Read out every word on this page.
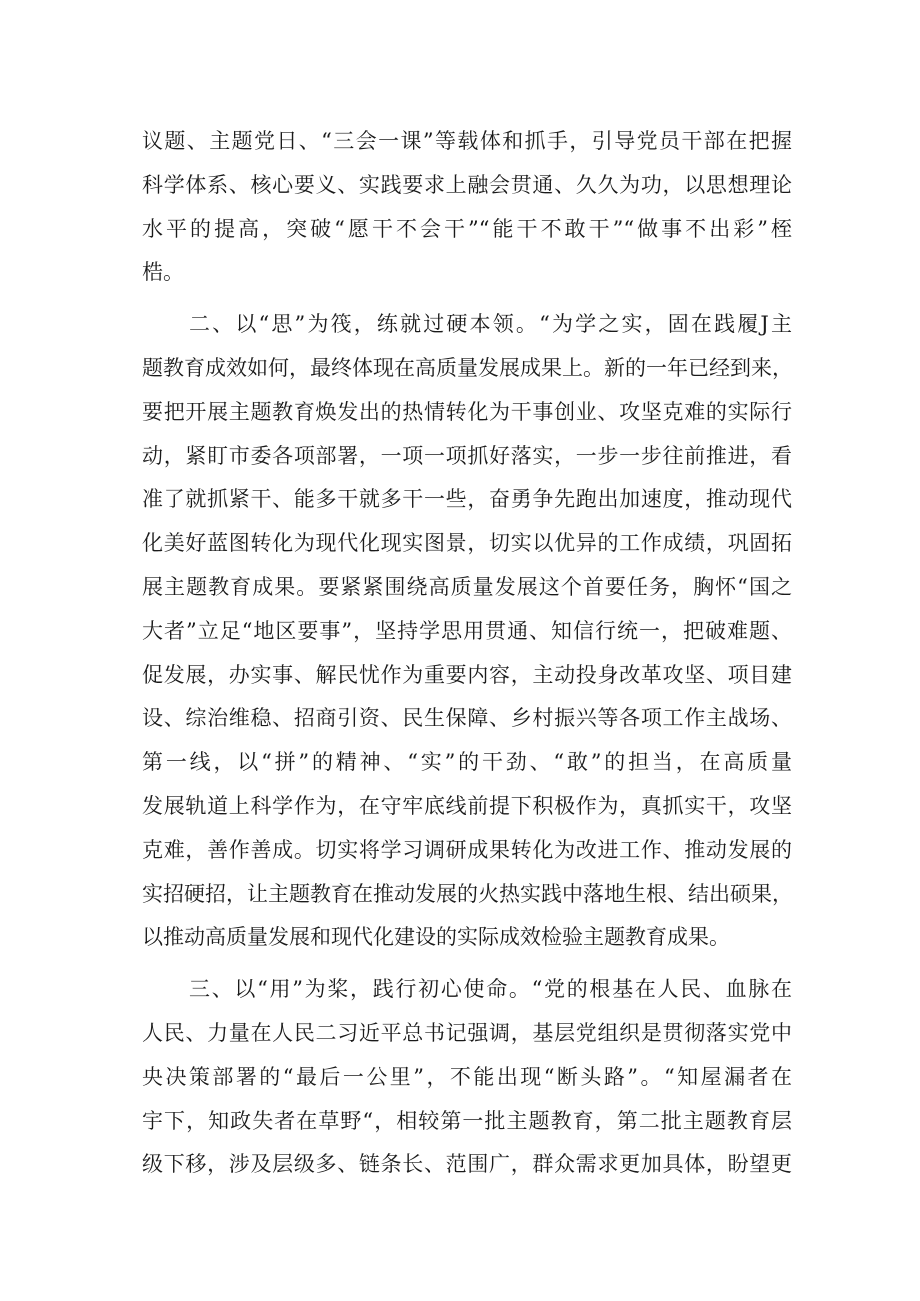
议题、主题党日、“三会一课”等载体和抓手，引导党员干部在把握
科学体系、核心要义、实践要求上融会贯通、久久为功，以思想理论
水平的提高，突破“愿干不会干”“能干不敢干”“做事不出彩”桎
梏。
二、以“思”为筏，练就过硬本领。“为学之实，固在践履J主
题教育成效如何，最终体现在高质量发展成果上。新的一年已经到来，
要把开展主题教育焕发出的热情转化为干事创业、攻坚克难的实际行
动，紧盯市委各项部署，一项一项抓好落实，一步一步往前推进，看
准了就抓紧干、能多干就多干一些，奋勇争先跑出加速度，推动现代
化美好蓝图转化为现代化现实图景，切实以优异的工作成绩，巩固拓
展主题教育成果。要紧紧围绕高质量发展这个首要任务，胸怀“国之
大者”立足“地区要事”，坚持学思用贯通、知信行统一，把破难题、
促发展，办实事、解民忧作为重要内容，主动投身改革攻坚、项目建
设、综治维稳、招商引资、民生保障、乡村振兴等各项工作主战场、
第一线，以“拼”的精神、“实”的干劲、“敢”的担当，在高质量
发展轨道上科学作为，在守牢底线前提下积极作为，真抓实干，攻坚
克难，善作善成。切实将学习调研成果转化为改进工作、推动发展的
实招硬招，让主题教育在推动发展的火热实践中落地生根、结出硕果，
以推动高质量发展和现代化建设的实际成效检验主题教育成果。
三、以“用”为桨，践行初心使命。“党的根基在人民、血脉在
人民、力量在人民二习近平总书记强调，基层党组织是贯彻落实党中
央决策部署的“最后一公里”，不能出现“断头路”。“知屋漏者在
宇下，知政失者在草野“，相较第一批主题教育，第二批主题教育层
级下移，涉及层级多、链条长、范围广，群众需求更加具体，盼望更
